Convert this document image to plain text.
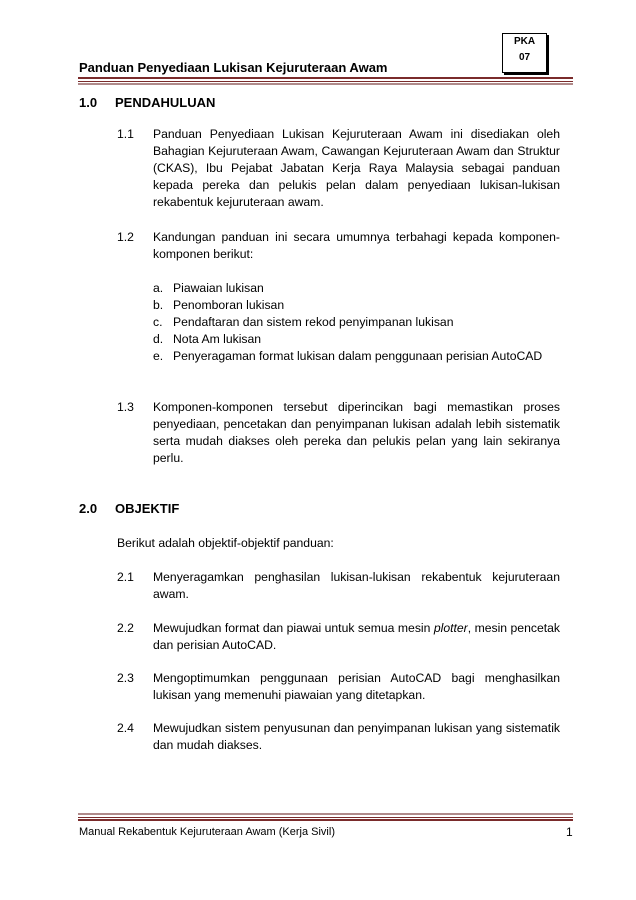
Panduan Penyediaan Lukisan Kejuruteraan Awam
PKA
07
1.0 PENDAHULUAN
1.1 Panduan Penyediaan Lukisan Kejuruteraan Awam ini disediakan oleh Bahagian Kejuruteraan Awam, Cawangan Kejuruteraan Awam dan Struktur (CKAS), Ibu Pejabat Jabatan Kerja Raya Malaysia sebagai panduan kepada pereka dan pelukis pelan dalam penyediaan lukisan-lukisan rekabentuk kejuruteraan awam.
1.2 Kandungan panduan ini secara umumnya terbahagi kepada komponen-komponen berikut:
a. Piawaian lukisan
b. Penomboran lukisan
c. Pendaftaran dan sistem rekod penyimpanan lukisan
d. Nota Am lukisan
e. Penyeragaman format lukisan dalam penggunaan perisian AutoCAD
1.3 Komponen-komponen tersebut diperincikan bagi memastikan proses penyediaan, pencetakan dan penyimpanan lukisan adalah lebih sistematik serta mudah diakses oleh pereka dan pelukis pelan yang lain sekiranya perlu.
2.0 OBJEKTIF
Berikut adalah objektif-objektif panduan:
2.1 Menyeragamkan penghasilan lukisan-lukisan rekabentuk kejuruteraan awam.
2.2 Mewujudkan format dan piawai untuk semua mesin plotter, mesin pencetak dan perisian AutoCAD.
2.3 Mengoptimumkan penggunaan perisian AutoCAD bagi menghasilkan lukisan yang memenuhi piawaian yang ditetapkan.
2.4 Mewujudkan sistem penyusunan dan penyimpanan lukisan yang sistematik dan mudah diakses.
Manual Rekabentuk Kejuruteraan Awam (Kerja Sivil)	1
